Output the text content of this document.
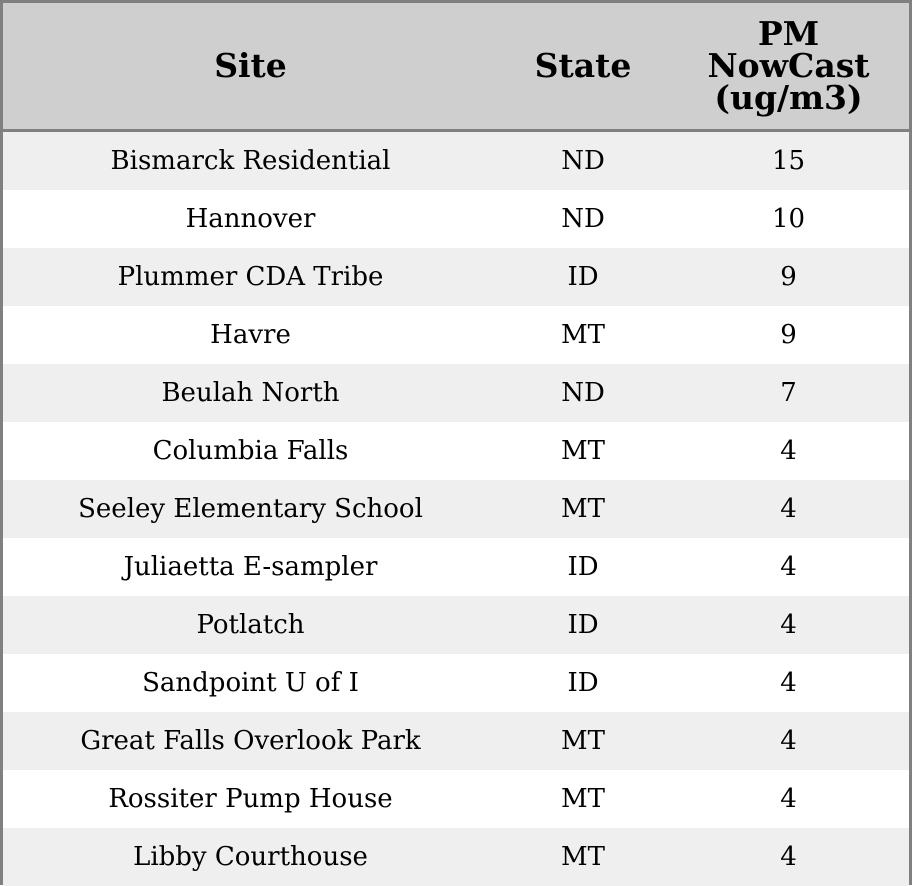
Site	State	PM
NowCast
(ug/m3)

Bismarck Residential	ND	15
Hannover	ND	10
Plummer CDA Tribe	ID	9
Havre	MT	9
Beulah North	ND	7
Columbia Falls	MT	4
Seeley Elementary School	MT	4
Juliaetta E-sampler	ID	4
Potlatch	ID	4
Sandpoint U of I	ID	4
Great Falls Overlook Park	MT	4
Rossiter Pump House	MT	4
Libby Courthouse	MT	4
